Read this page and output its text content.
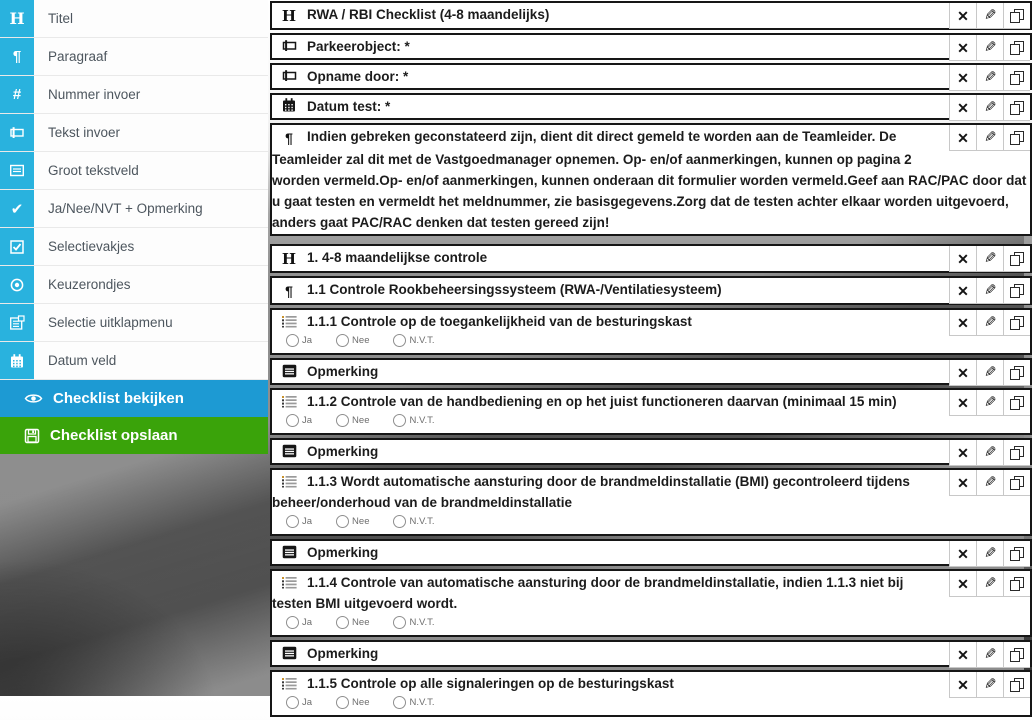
H	Titel
¶	Paragraaf
#	Nummer invoer
Tekst invoer
Groot tekstveld
✔	Ja/Nee/NVT + Opmerking
Selectievakjes
Keuzerondjes
Selectie uitklapmenu
Datum veld
Checklist bekijken
Checklist opslaan
✕ ✎
H RWA / RBI Checklist (4-8 maandelijks)
✕ ✎
Parkeerobject: *
✕ ✎
Opname door: *
✕ ✎
Datum test: *
✕ ✎
¶ Indien gebreken geconstateerd zijn, dient dit direct gemeld te worden aan de Teamleider. De Teamleider zal dit met de Vastgoedmanager opnemen. Op- en/of aanmerkingen, kunnen op pagina 2 worden vermeld.Op- en/of aanmerkingen, kunnen onderaan dit formulier worden vermeld.Geef aan RAC/PAC door dat u gaat testen en vermeldt het meldnummer, zie basisgegevens.Zorg dat de testen achter elkaar worden uitgevoerd, anders gaat PAC/RAC denken dat testen gereed zijn!
✕ ✎
H 1. 4-8 maandelijkse controle
✕ ✎
¶ 1.1 Controle Rookbeheersingssysteem (RWA-/Ventilatiesysteem)
✕ ✎
1.1.1 Controle op de toegankelijkheid van de besturingskast
Ja	Nee	N.V.T.
✕ ✎
Opmerking
✕ ✎
1.1.2 Controle van de handbediening en op het juist functioneren daarvan (minimaal 15 min)
Ja	Nee	N.V.T.
✕ ✎
Opmerking
✕ ✎
1.1.3 Wordt automatische aansturing door de brandmeldinstallatie (BMI) gecontroleerd tijdens beheer/onderhoud van de brandmeldinstallatie
Ja	Nee	N.V.T.
✕ ✎
Opmerking
✕ ✎
1.1.4 Controle van automatische aansturing door de brandmeldinstallatie, indien 1.1.3 niet bij testen BMI uitgevoerd wordt.
Ja	Nee	N.V.T.
✕ ✎
Opmerking
✕ ✎
1.1.5 Controle op alle signaleringen op de besturingskast
Ja	Nee	N.V.T.
